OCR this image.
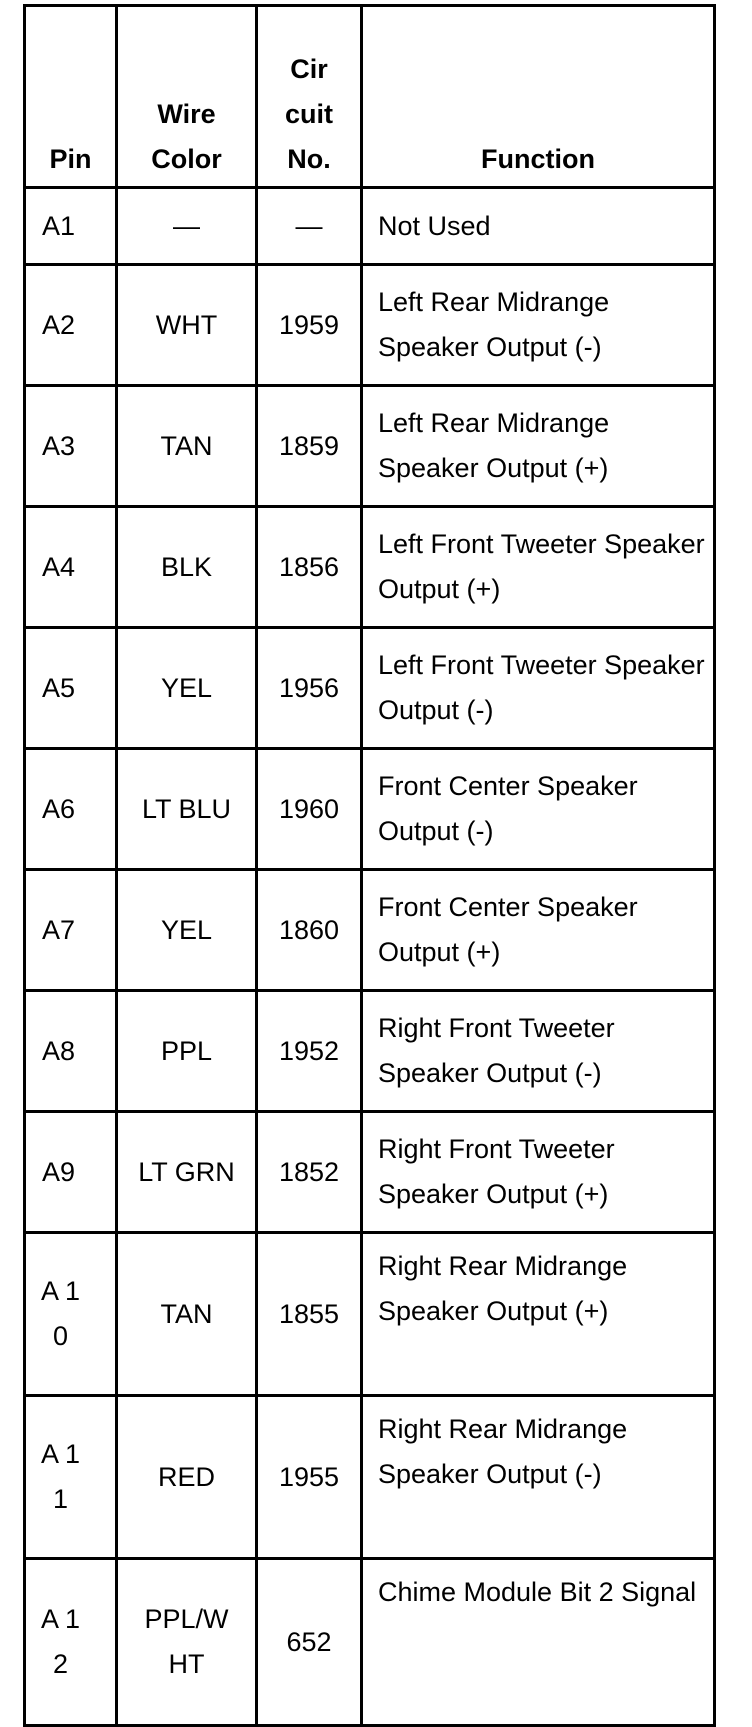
Pin	Wire Color	Cir cuit No.	Function
A1	—	—	Not Used
A2	WHT	1959	Left Rear Midrange Speaker Output (-)
A3	TAN	1859	Left Rear Midrange Speaker Output (+)
A4	BLK	1856	Left Front Tweeter Speaker Output (+)
A5	YEL	1956	Left Front Tweeter Speaker Output (-)
A6	LT BLU	1960	Front Center Speaker Output (-)
A7	YEL	1860	Front Center Speaker Output (+)
A8	PPL	1952	Right Front Tweeter Speaker Output (-)
A9	LT GRN	1852	Right Front Tweeter Speaker Output (+)
A 10	TAN	1855	Right Rear Midrange Speaker Output (+)
A 11	RED	1955	Right Rear Midrange Speaker Output (-)
A 12	PPL/W HT	652	Chime Module Bit 2 Signal
